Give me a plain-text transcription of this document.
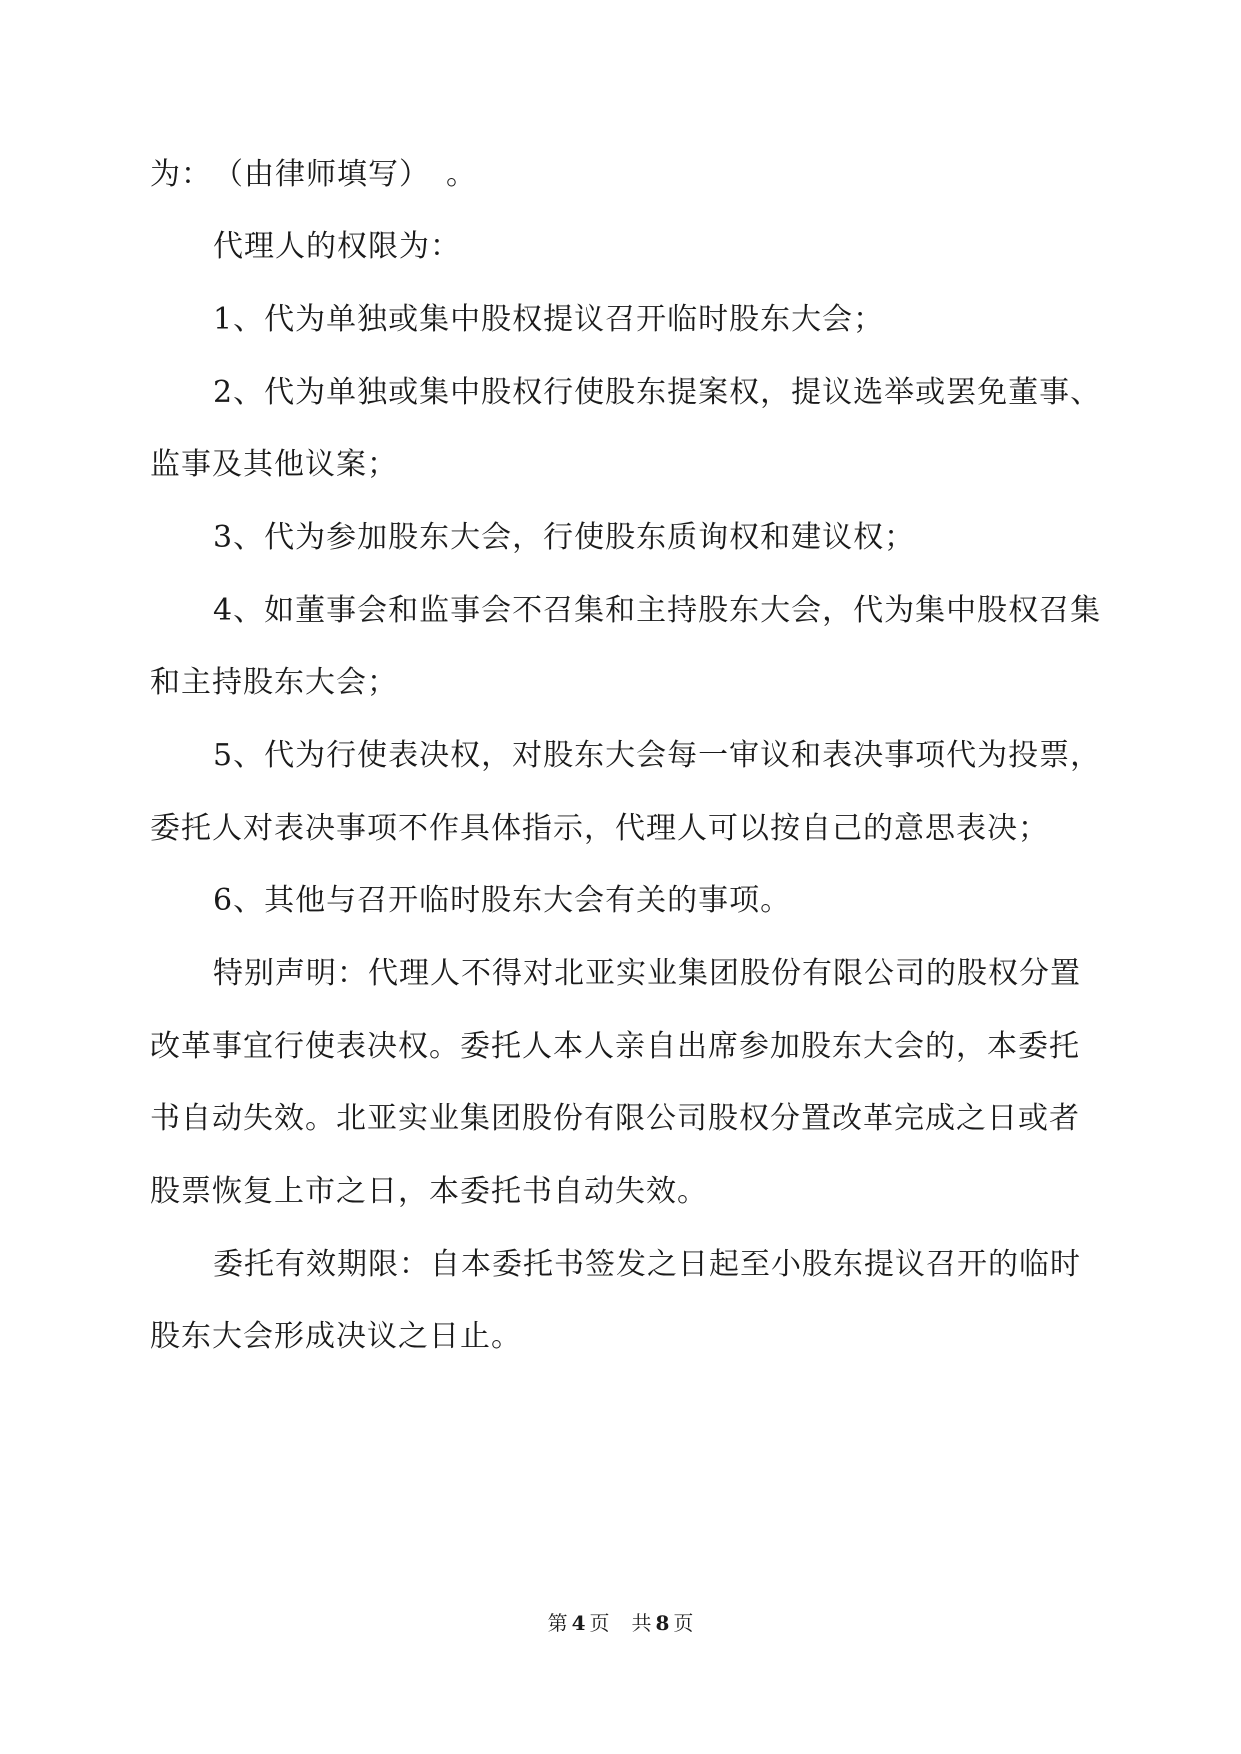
为：　（由律师填写）　。
代理人的权限为：
1、代为单独或集中股权提议召开临时股东大会；
2、代为单独或集中股权行使股东提案权，提议选举或罢免董事、
监事及其他议案；
3、代为参加股东大会，行使股东质询权和建议权；
4、如董事会和监事会不召集和主持股东大会，代为集中股权召集
和主持股东大会；
5、代为行使表决权，对股东大会每一审议和表决事项代为投票，
委托人对表决事项不作具体指示，代理人可以按自己的意思表决；
6、其他与召开临时股东大会有关的事项。
特别声明：代理人不得对北亚实业集团股份有限公司的股权分置
改革事宜行使表决权。委托人本人亲自出席参加股东大会的，本委托
书自动失效。北亚实业集团股份有限公司股权分置改革完成之日或者
股票恢复上市之日，本委托书自动失效。
委托有效期限：自本委托书签发之日起至小股东提议召开的临时
股东大会形成决议之日止。
第 4 页 共 8 页
